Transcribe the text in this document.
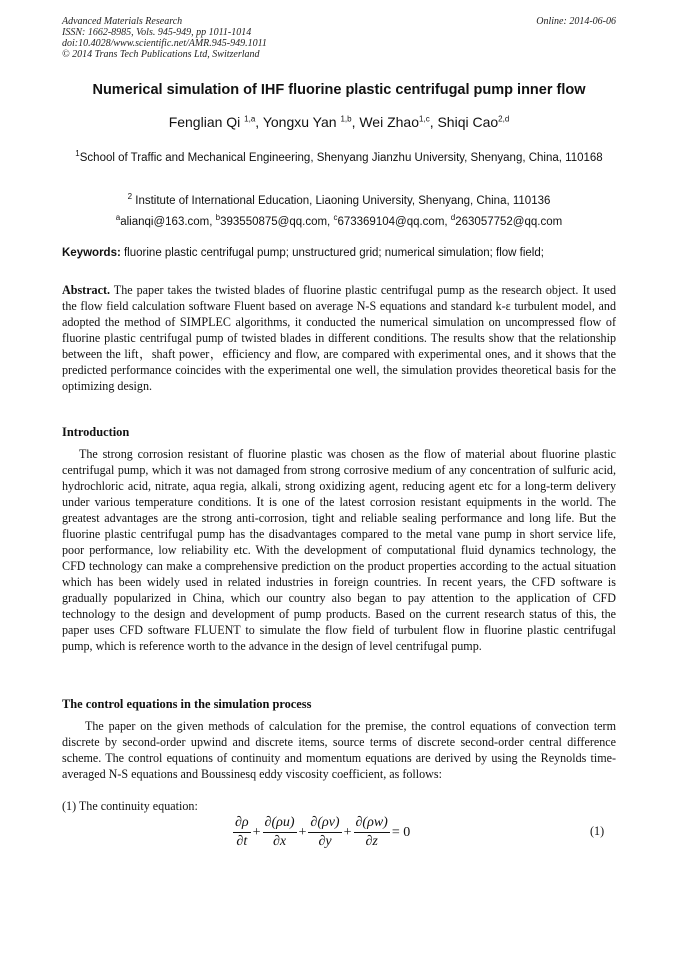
Advanced Materials Research
ISSN: 1662-8985, Vols. 945-949, pp 1011-1014
doi:10.4028/www.scientific.net/AMR.945-949.1011
© 2014 Trans Tech Publications Ltd, Switzerland
Online: 2014-06-06
Numerical simulation of IHF fluorine plastic centrifugal pump inner flow
Fenglian Qi $^{1,a}$, Yongxu Yan $^{1,b}$, Wei Zhao$^{1,c}$, Shiqi Cao$^{2,d}$
$^1$School of Traffic and Mechanical Engineering, Shenyang Jianzhu University, Shenyang, China, 110168
$^2$ Institute of International Education, Liaoning University, Shenyang, China, 110136
$^a$alianqi@163.com, $^b$393550875@qq.com, $^c$673369104@qq.com, $^d$263057752@qq.com
Keywords: fluorine plastic centrifugal pump; unstructured grid; numerical simulation; flow field;
Abstract. The paper takes the twisted blades of fluorine plastic centrifugal pump as the research object. It used the flow field calculation software Fluent based on average N-S equations and standard k-ε turbulent model, and adopted the method of SIMPLEC algorithms, it conducted the numerical simulation on uncompressed flow of fluorine plastic centrifugal pump of twisted blades in different conditions. The results show that the relationship between the lift，shaft power，efficiency and flow, are compared with experimental ones, and it shows that the predicted performance coincides with the experimental one well, the simulation provides theoretical basis for the optimizing design.
Introduction
The strong corrosion resistant of fluorine plastic was chosen as the flow of material about fluorine plastic centrifugal pump, which it was not damaged from strong corrosive medium of any concentration of sulfuric acid, hydrochloric acid, nitrate, aqua regia, alkali, strong oxidizing agent, reducing agent etc for a long-term delivery under various temperature conditions. It is one of the latest corrosion resistant equipments in the world. The greatest advantages are the strong anti-corrosion, tight and reliable sealing performance and long life. But the fluorine plastic centrifugal pump has the disadvantages compared to the metal vane pump in short service life, poor performance, low reliability etc. With the development of computational fluid dynamics technology, the CFD technology can make a comprehensive prediction on the product properties according to the actual situation which has been widely used in related industries in foreign countries. In recent years, the CFD software is gradually popularized in China, which our country also began to pay attention to the application of CFD technology to the design and development of pump products. Based on the current research status of this, the paper uses CFD software FLUENT to simulate the flow field of turbulent flow in fluorine plastic centrifugal pump, which is reference worth to the advance in the design of level centrifugal pump.
The control equations in the simulation process
The paper on the given methods of calculation for the premise, the control equations of convection term discrete by second-order upwind and discrete items, source terms of discrete second-order central difference scheme. The control equations of continuity and momentum equations are derived by using the Reynolds time-averaged N-S equations and Boussinesq eddy viscosity coefficient, as follows:
(1) The continuity equation:
$\frac{\partial\rho}{\partial t} + \frac{\partial(\rho u)}{\partial x} + \frac{\partial(\rho v)}{\partial y} + \frac{\partial(\rho w)}{\partial z} = 0$	(1)
